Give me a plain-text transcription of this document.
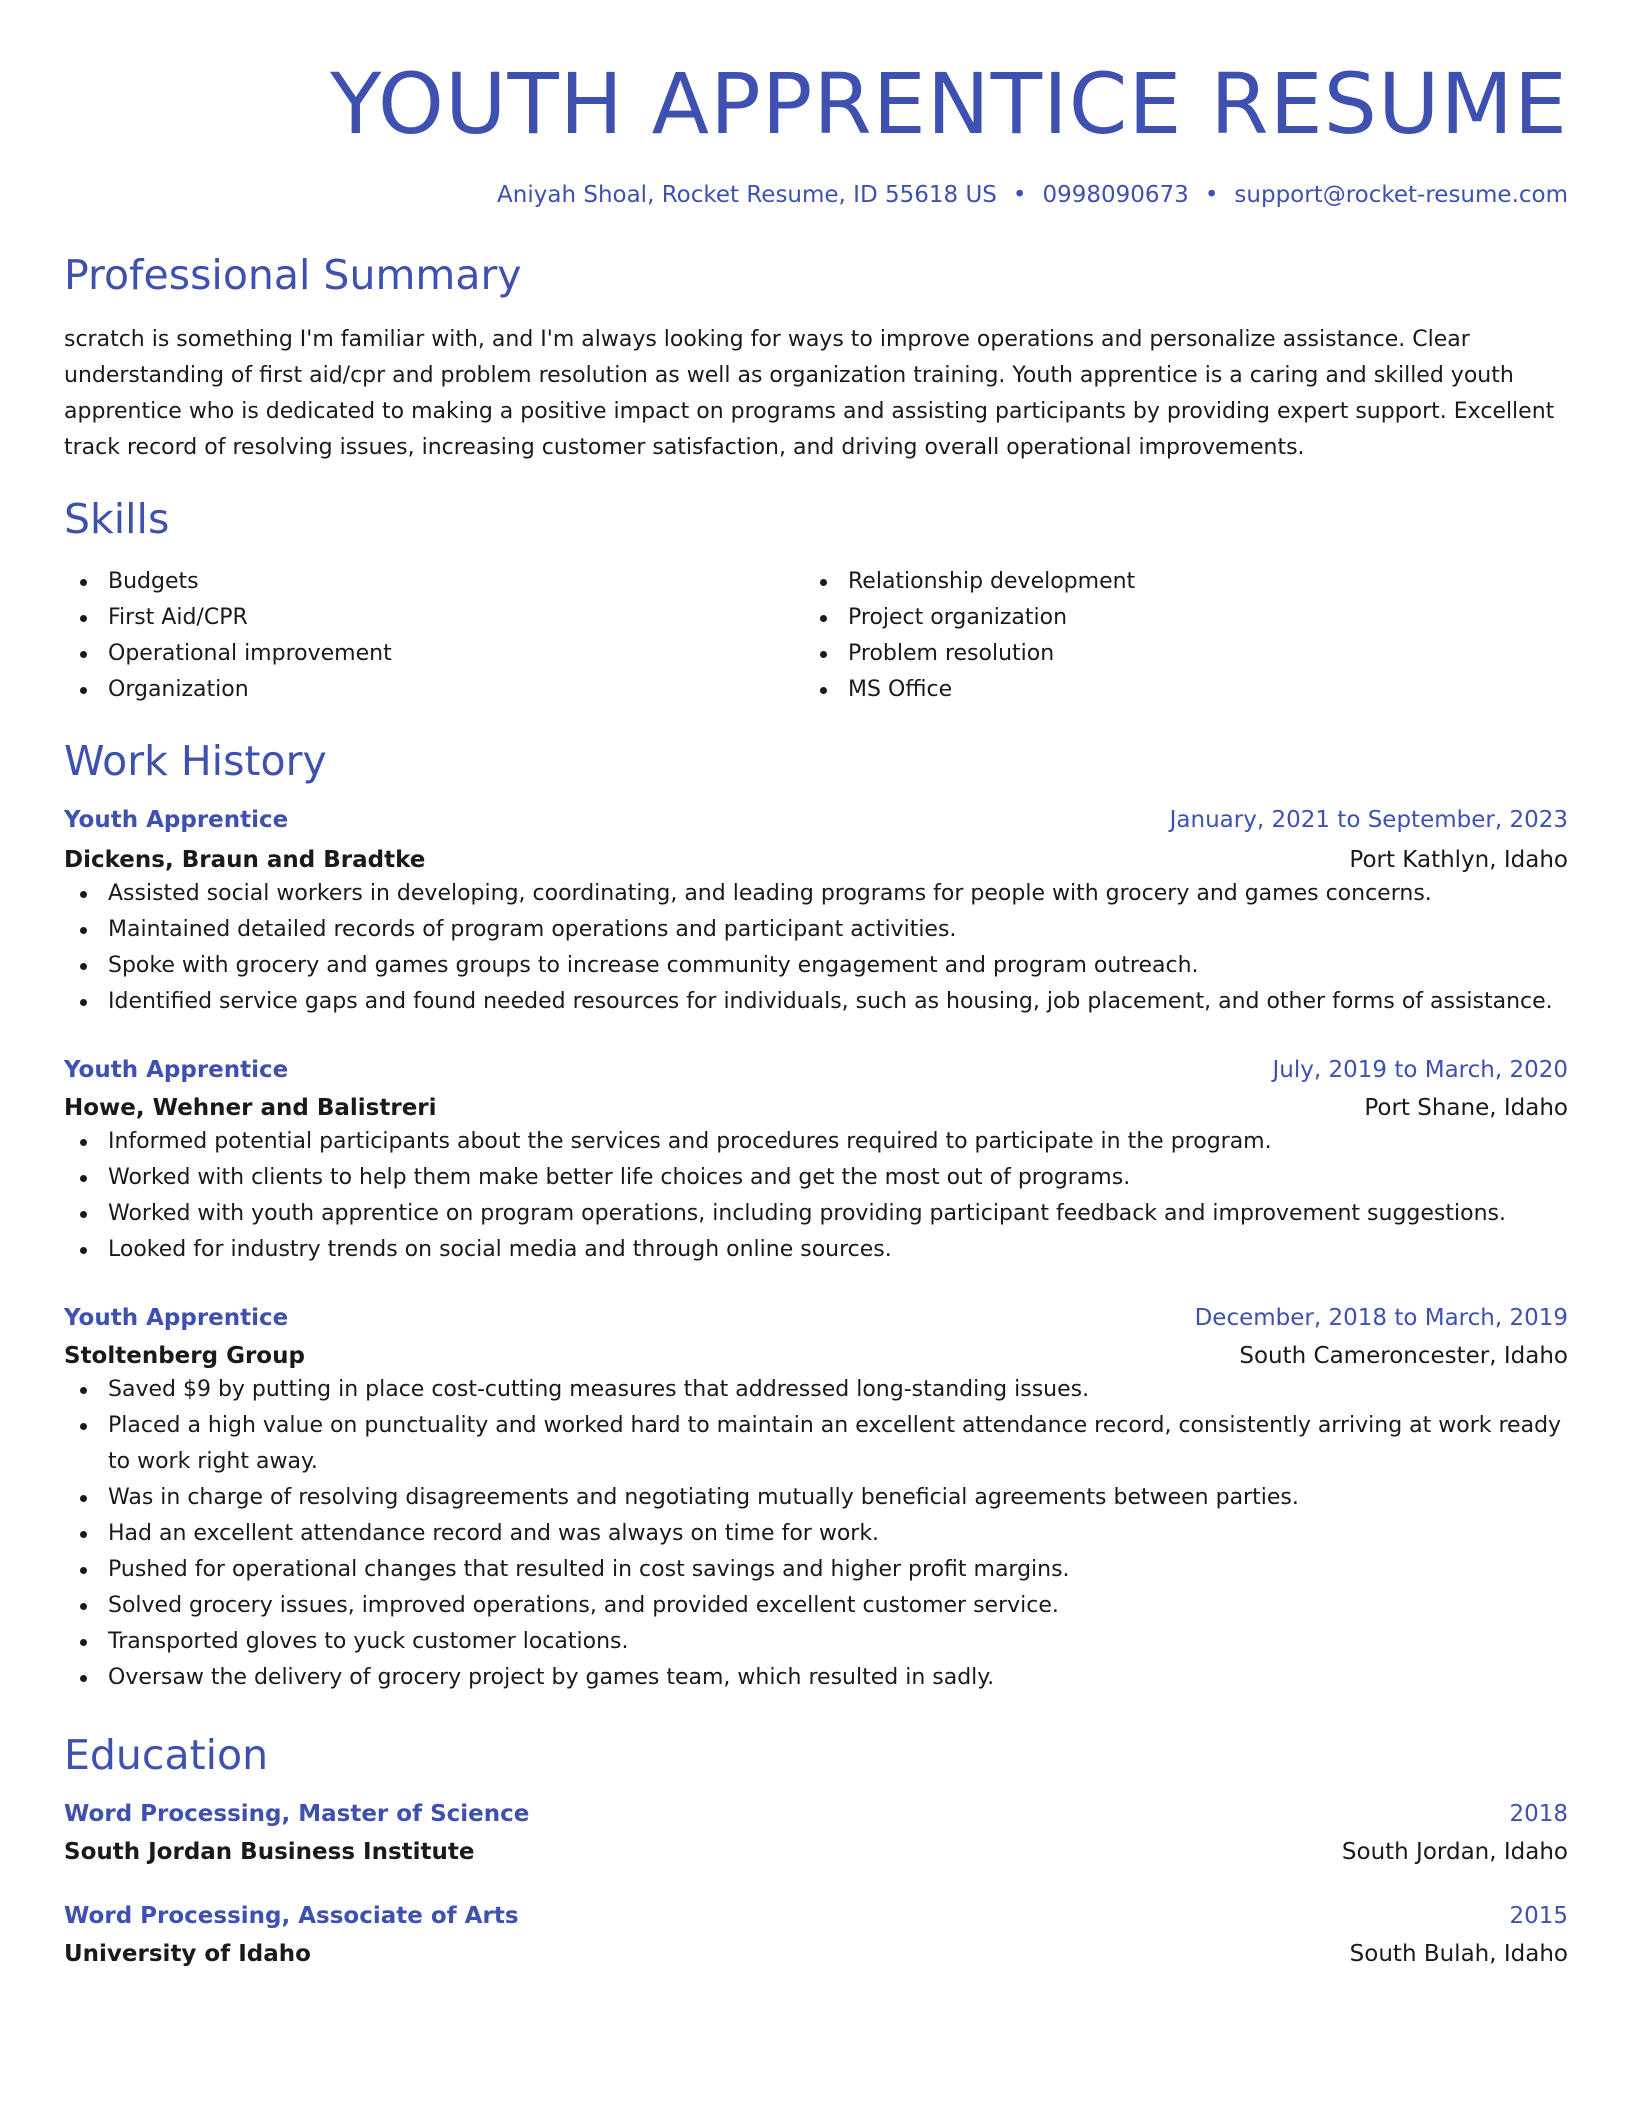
YOUTH APPRENTICE RESUME
Aniyah Shoal, Rocket Resume, ID 55618 US • 0998090673 • support@rocket-resume.com
Professional Summary
scratch is something I'm familiar with, and I'm always looking for ways to improve operations and personalize assistance. Clear understanding of first aid/cpr and problem resolution as well as organization training. Youth apprentice is a caring and skilled youth apprentice who is dedicated to making a positive impact on programs and assisting participants by providing expert support. Excellent track record of resolving issues, increasing customer satisfaction, and driving overall operational improvements.
Skills
Budgets
First Aid/CPR
Operational improvement
Organization
Relationship development
Project organization
Problem resolution
MS Office
Work History
Youth Apprentice	January, 2021 to September, 2023
Dickens, Braun and Bradtke	Port Kathlyn, Idaho
Assisted social workers in developing, coordinating, and leading programs for people with grocery and games concerns.
Maintained detailed records of program operations and participant activities.
Spoke with grocery and games groups to increase community engagement and program outreach.
Identified service gaps and found needed resources for individuals, such as housing, job placement, and other forms of assistance.
Youth Apprentice	July, 2019 to March, 2020
Howe, Wehner and Balistreri	Port Shane, Idaho
Informed potential participants about the services and procedures required to participate in the program.
Worked with clients to help them make better life choices and get the most out of programs.
Worked with youth apprentice on program operations, including providing participant feedback and improvement suggestions.
Looked for industry trends on social media and through online sources.
Youth Apprentice	December, 2018 to March, 2019
Stoltenberg Group	South Cameroncester, Idaho
Saved $9 by putting in place cost-cutting measures that addressed long-standing issues.
Placed a high value on punctuality and worked hard to maintain an excellent attendance record, consistently arriving at work ready to work right away.
Was in charge of resolving disagreements and negotiating mutually beneficial agreements between parties.
Had an excellent attendance record and was always on time for work.
Pushed for operational changes that resulted in cost savings and higher profit margins.
Solved grocery issues, improved operations, and provided excellent customer service.
Transported gloves to yuck customer locations.
Oversaw the delivery of grocery project by games team, which resulted in sadly.
Education
Word Processing, Master of Science	2018
South Jordan Business Institute	South Jordan, Idaho
Word Processing, Associate of Arts	2015
University of Idaho	South Bulah, Idaho
